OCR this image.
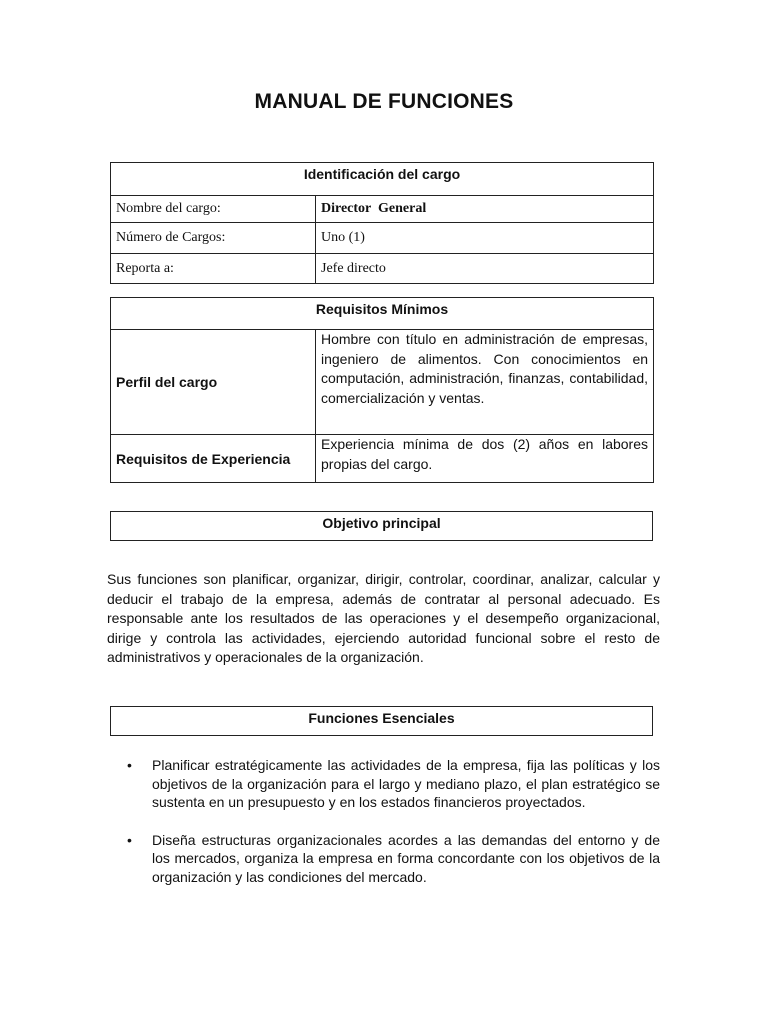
MANUAL DE FUNCIONES
Identificación del cargo	
Nombre del cargo:	Director  General
Número de Cargos:	Uno (1)
Reporta a:	Jefe directo
Requisitos Mínimos	
Perfil del cargo	Hombre con título en administración de empresas, ingeniero de alimentos. Con conocimientos en computación, administración, finanzas, contabilidad, comercialización y ventas.
Requisitos de Experiencia	Experiencia mínima de dos (2) años en labores propias del cargo.
Objetivo principal
Sus funciones son planificar, organizar, dirigir, controlar, coordinar, analizar, calcular y deducir el trabajo de la empresa, además de contratar al personal adecuado. Es responsable ante los resultados de las operaciones y el desempeño organizacional, dirige y controla las actividades, ejerciendo autoridad funcional sobre el resto de administrativos y operacionales de la organización.
Funciones Esenciales
• Planificar estratégicamente las actividades de la empresa, fija las políticas y los objetivos de la organización para el largo y mediano plazo, el plan estratégico se sustenta en un presupuesto y en los estados financieros proyectados.
• Diseña estructuras organizacionales acordes a las demandas del entorno y de los mercados, organiza la empresa en forma concordante con los objetivos de la organización y las condiciones del mercado.
